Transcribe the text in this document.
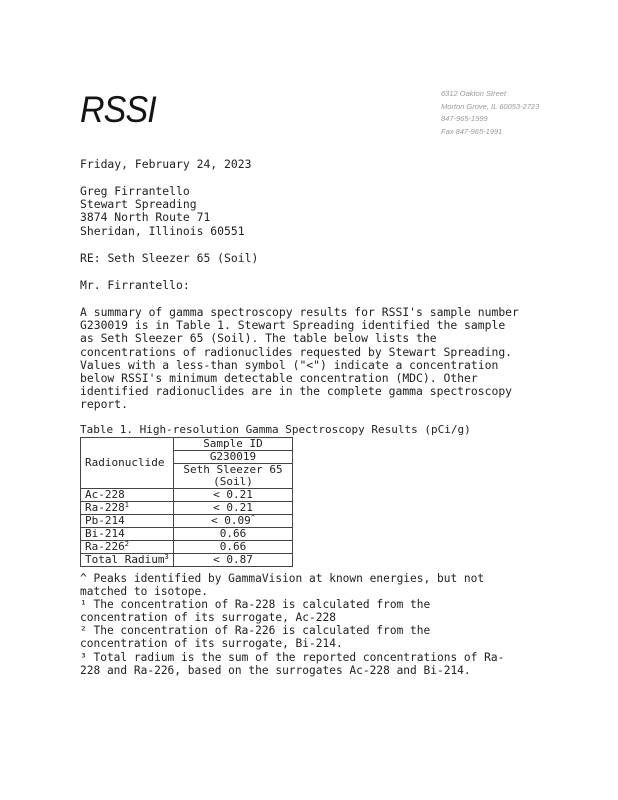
RSSI	6312 Oakton Street
Morton Grove, IL 60053-2723
847-965-1999
Fax 847-965-1991
Friday, February 24, 2023
Greg Firrantello
Stewart Spreading
3874 North Route 71
Sheridan, Illinois 60551
RE: Seth Sleezer 65 (Soil)
Mr. Firrantello:
A summary of gamma spectroscopy results for RSSI's sample number
G230019 is in Table 1. Stewart Spreading identified the sample
as Seth Sleezer 65 (Soil). The table below lists the
concentrations of radionuclides requested by Stewart Spreading.
Values with a less-than symbol ("<") indicate a concentration
below RSSI's minimum detectable concentration (MDC). Other
identified radionuclides are in the complete gamma spectroscopy
report.
Table 1. High-resolution Gamma Spectroscopy Results (pCi/g)
Radionuclide	Sample ID
	G230019
	Seth Sleezer 65
	(Soil)
Ac-228	< 0.21
$Ra-228^1$	< 0.21
Pb-214	< 0.09^
Bi-214	0.66
$Ra-226^2$	0.66
Total Radium$^3$	< 0.87
^ Peaks identified by GammaVision at known energies, but not
matched to isotope.
¹ The concentration of Ra-228 is calculated from the
concentration of its surrogate, Ac-228
² The concentration of Ra-226 is calculated from the
concentration of its surrogate, Bi-214.
³ Total radium is the sum of the reported concentrations of Ra-
228 and Ra-226, based on the surrogates Ac-228 and Bi-214.
